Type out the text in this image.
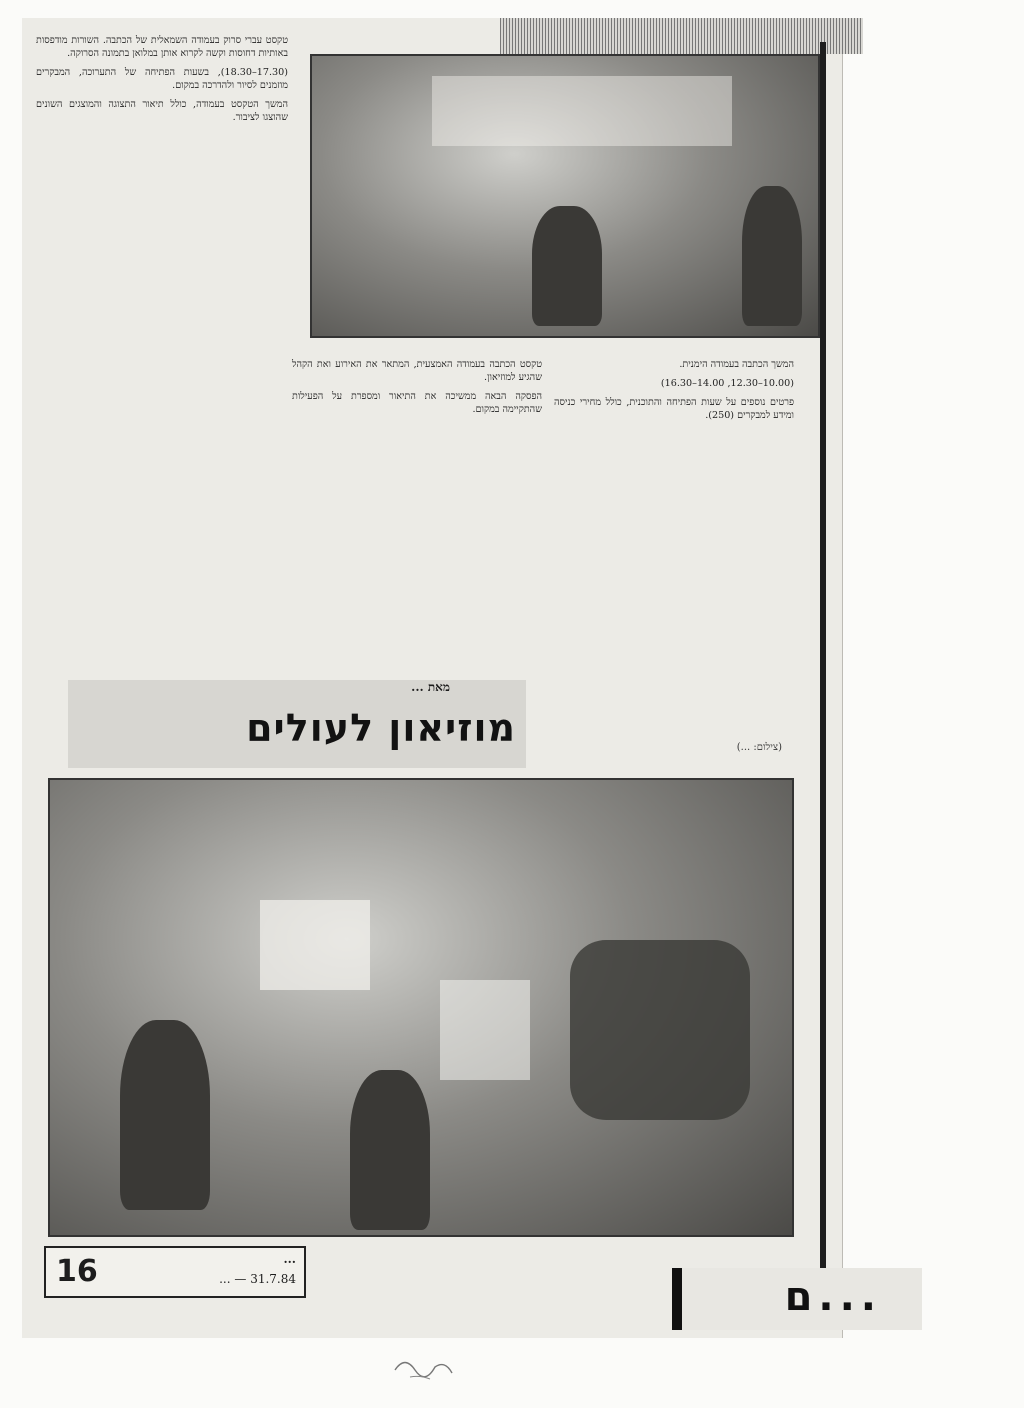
טקסט עברי סרוק בעמודה השמאלית של הכתבה. השורות מודפסות באותיות דחוסות וקשה לקרוא אותן במלואן בתמונה הסרוקה.

(17.30–18.30), בשעות הפתיחה של התערוכה, המבקרים מוזמנים לסיור ולהדרכה במקום.

המשך הטקסט בעמודה, כולל תיאור התצוגה והמוצגים השונים שהוצגו לציבור.

טקסט הכתבה בעמודה האמצעית, המתאר את האירוע ואת הקהל שהגיע למוזיאון.

הפסקה הבאה ממשיכה את התיאור ומספרת על הפעילות שהתקיימה במקום.

המשך הכתבה בעמודה הימנית.

(10.00–12.30, 14.00–16.30)

פרטים נוספים על שעות הפתיחה והתוכנית, כולל מחירי כניסה ומידע למבקרים (250).

(צילום: ...)
מוזיאון לעולים
מאת ...
16	...
31.7.84 — ...	...ם
